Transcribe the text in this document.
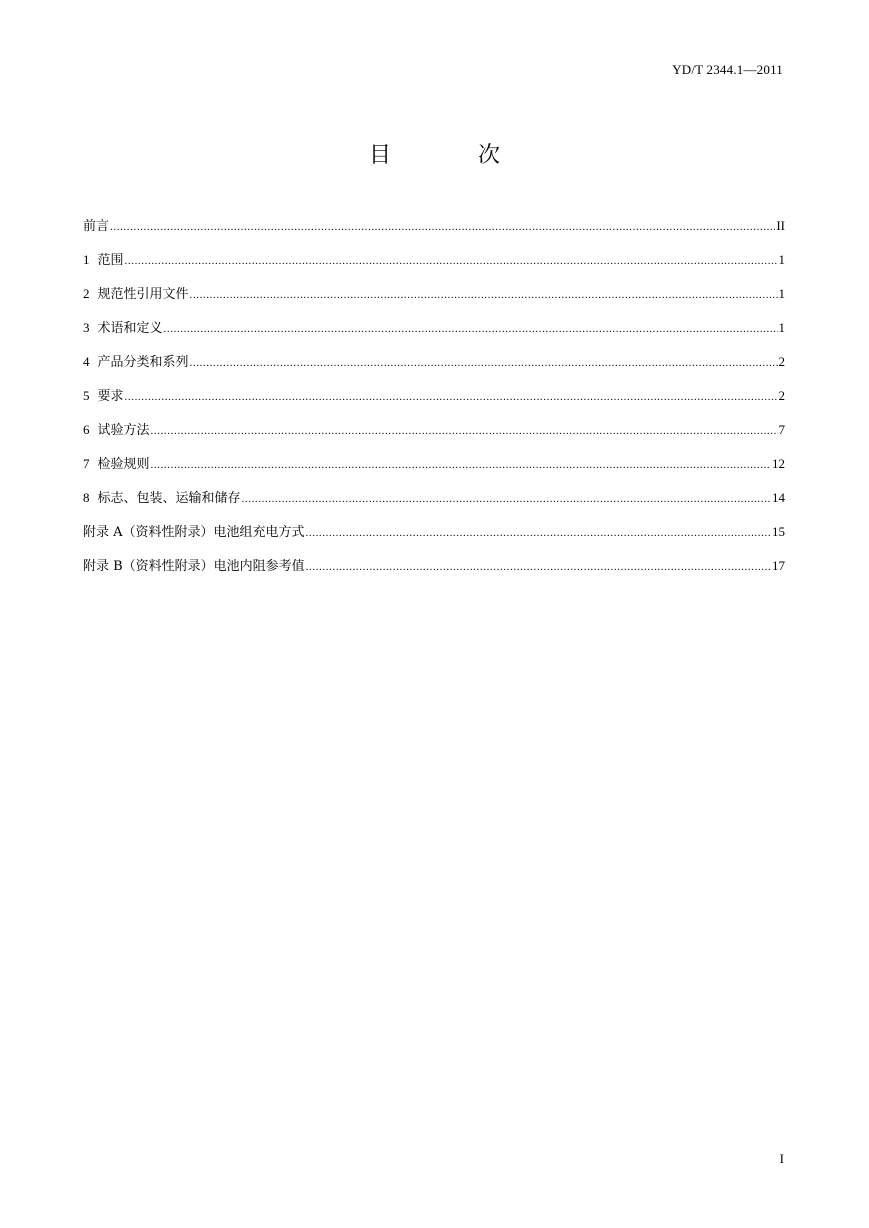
YD/T 2344.1—2011
目 次
前言 .....	II
1 范围 .....	1
2 规范性引用文件 .....	1
3 术语和定义 .....	1
4 产品分类和系列 .....	2
5 要求 .....	2
6 试验方法 .....	7
7 检验规则 .....	12
8 标志、包装、运输和储存 .....	14
附录 A（资料性附录）电池组充电方式 .....	15
附录 B（资料性附录）电池内阻参考值 .....	17
I
